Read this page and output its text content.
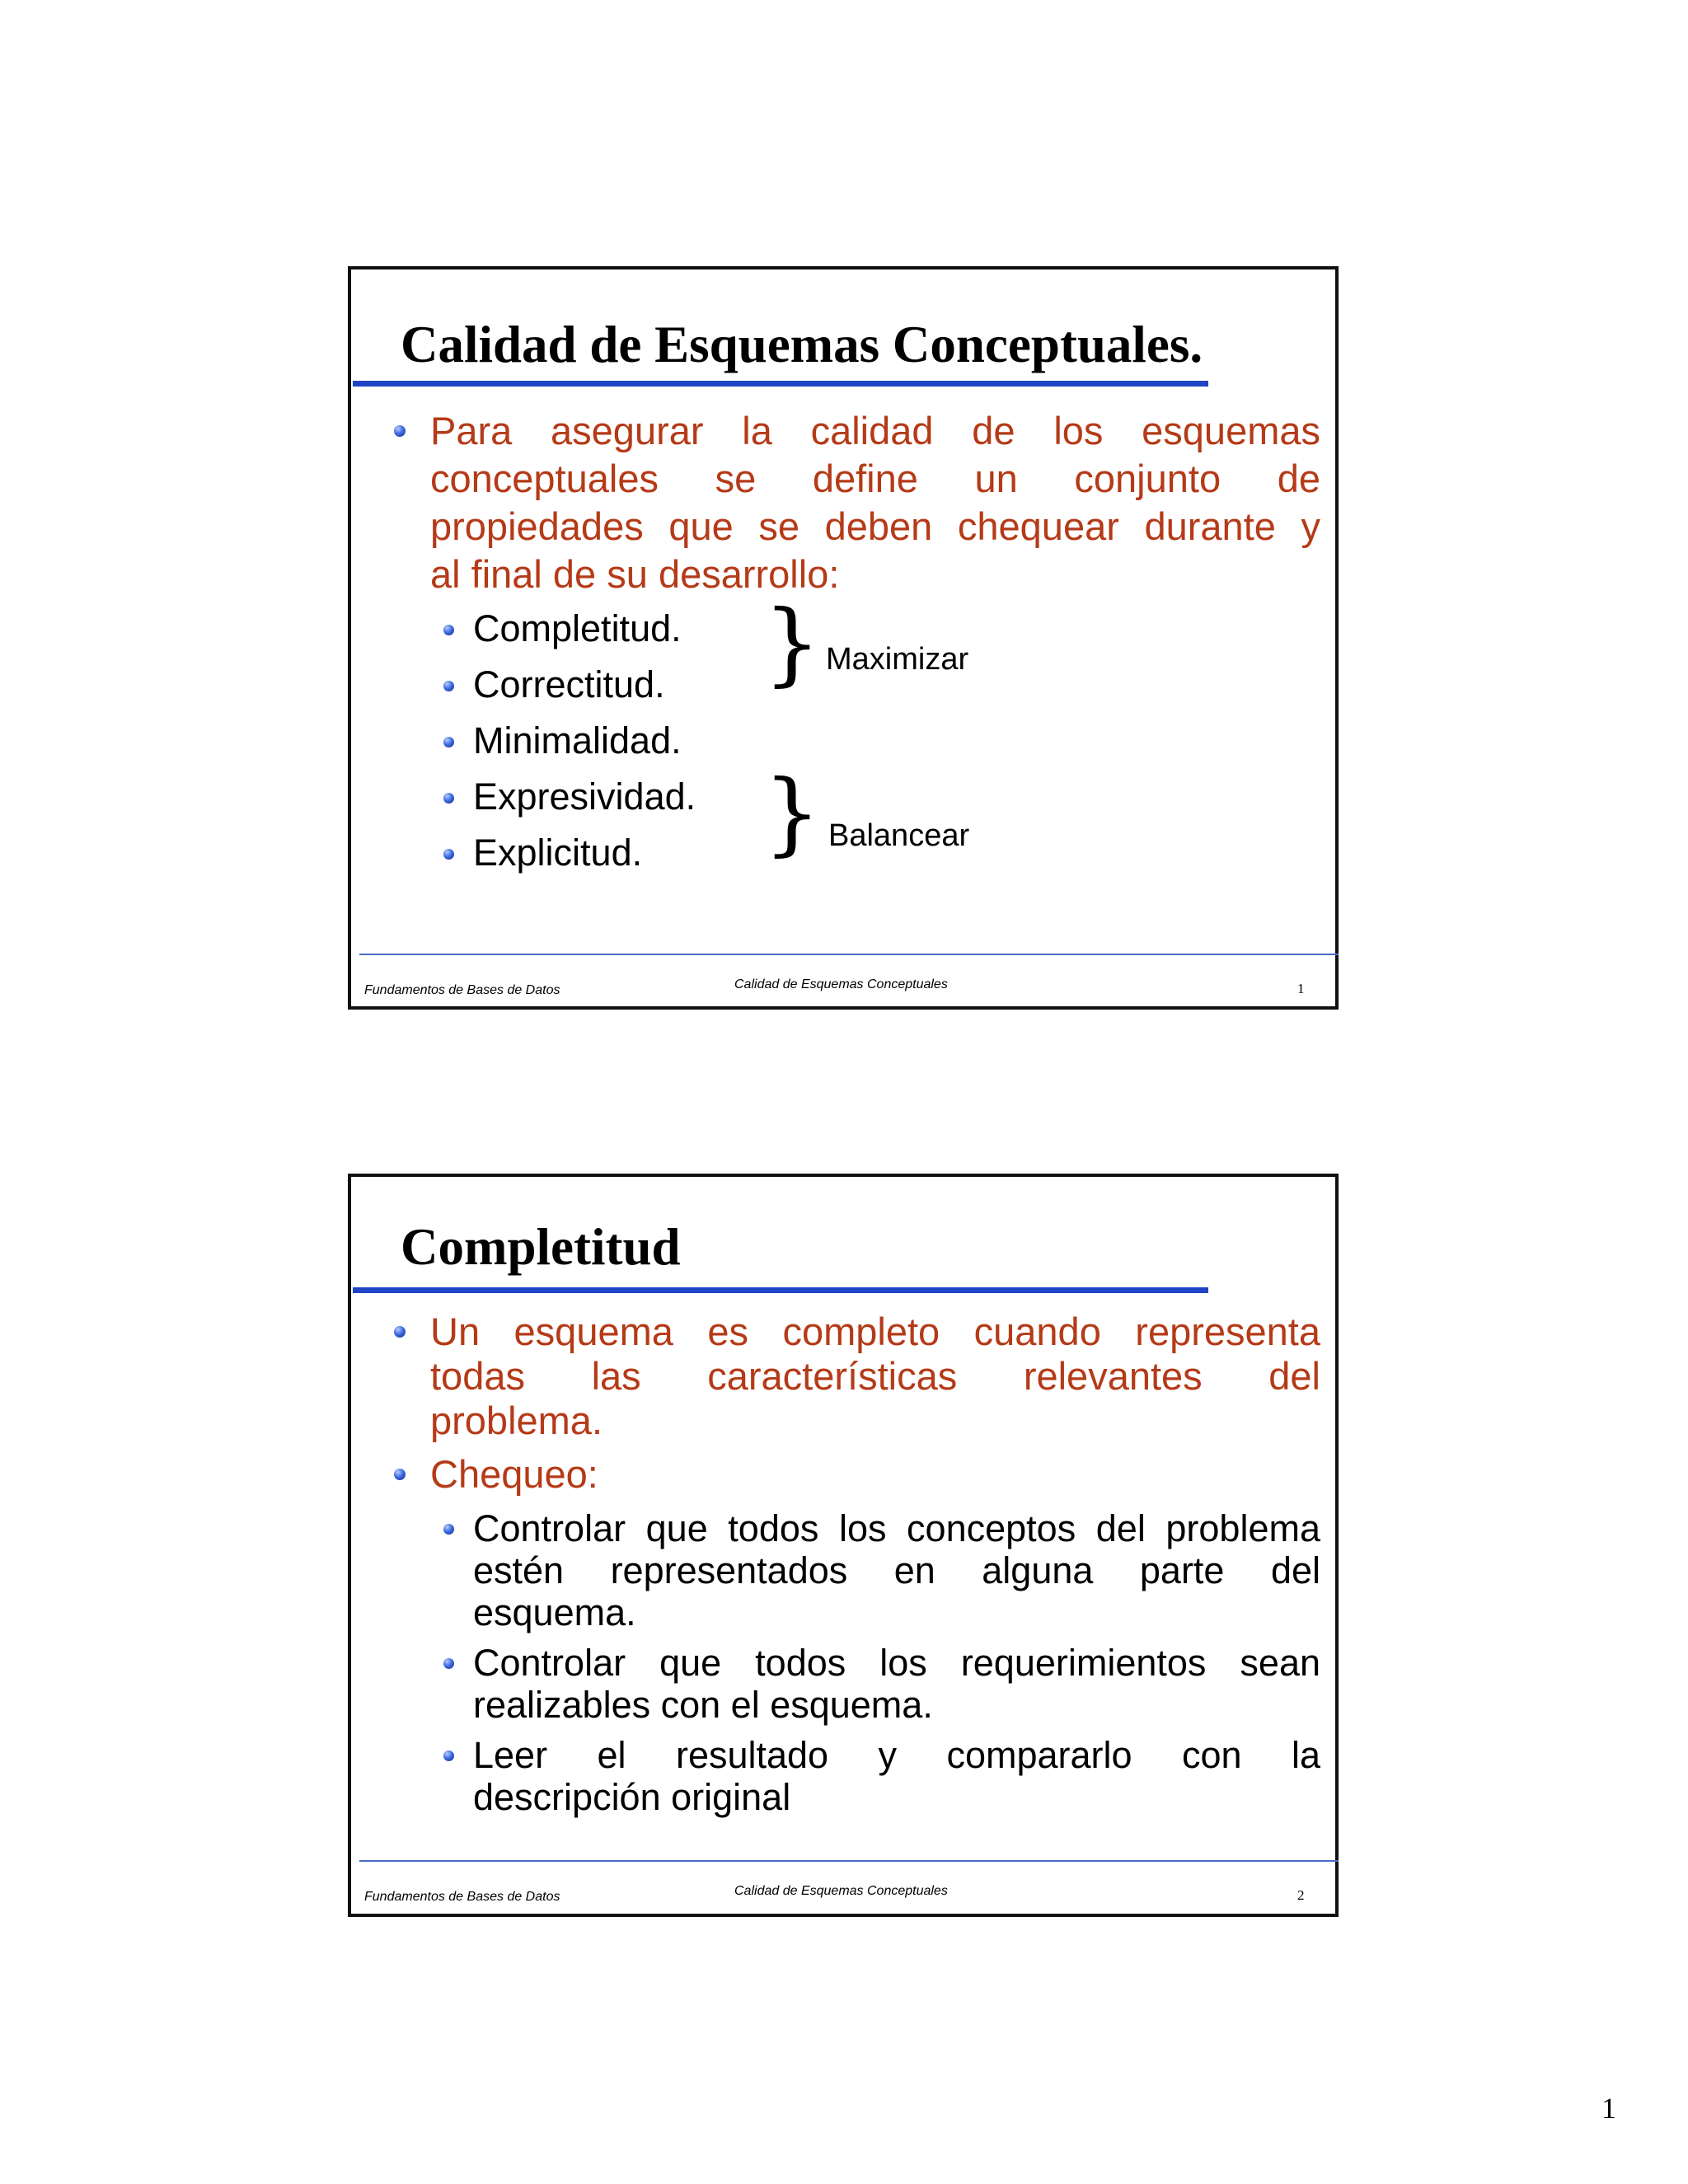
Calidad de Esquemas Conceptuales.
Para asegurar la calidad de los esquemas
conceptuales se define un conjunto de
propiedades que se deben chequear durante y
al final de su desarrollo:

Completitud.

Correctitud.

Minimalidad.

Expresividad.

Explicitud.

} Maximizar
} Balancear
Fundamentos de Bases de Datos	Calidad de Esquemas Conceptuales	1
Completitud
Un esquema es completo cuando representa
todas las características relevantes del
problema.
Chequeo:
Controlar que todos los conceptos del problema
estén representados en alguna parte del
esquema.
Controlar que todos los requerimientos sean
realizables con el esquema.
Leer el resultado y compararlo con la
descripción original
Fundamentos de Bases de Datos	Calidad de Esquemas Conceptuales	2
1
